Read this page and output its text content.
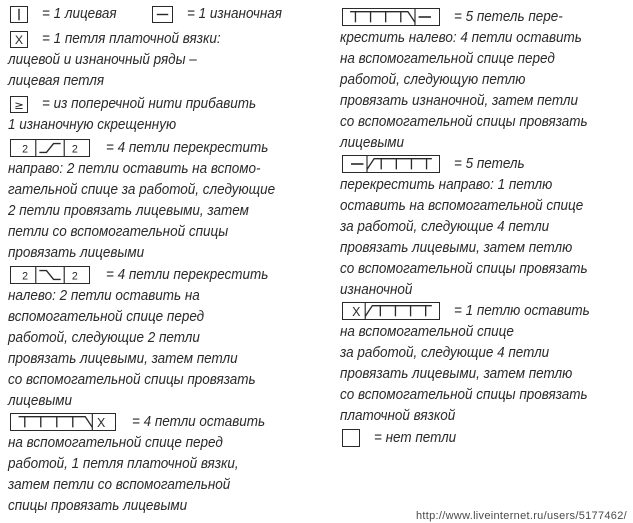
= 1 лицевая	= 1 изнаночная
X = 1 петля платочной вязки:
лицевой и изнаночный ряды –
лицевая петля
≥ = из поперечной нити прибавить
1 изнаночную скрещенную
2	2 = 4 петли перекрестить
направо: 2 петли оставить на вспомо-
гательной спице за работой, следующие
2 петли провязать лицевыми, затем
петли со вспомогательной спицы
провязать лицевыми
2	2 = 4 петли перекрестить
налево: 2 петли оставить на
вспомогательной спице перед
работой, следующие 2 петли
провязать лицевыми, затем петли
со вспомогательной спицы провязать
лицевыми
X = 4 петли оставить
на вспомогательной спице перед
работой, 1 петля платочной вязки,
затем петли со вспомогательной
спицы провязать лицевыми
= 5 петель пере-
крестить налево: 4 петли оставить
на вспомогательной спице перед
работой, следующую петлю
провязать изнаночной, затем петли
со вспомогательной спицы провязать
лицевыми
= 5 петель
перекрестить направо: 1 петлю
оставить на вспомогательной спице
за работой, следующие 4 петли
провязать лицевыми, затем петлю
со вспомогательной спицы провязать
изнаночной
X	= 1 петлю оставить
на вспомогательной спице
за работой, следующие 4 петли
провязать лицевыми, затем петлю
со вспомогательной спицы провязать
платочной вязкой
= нет петли
http://www.liveinternet.ru/users/5177462/
